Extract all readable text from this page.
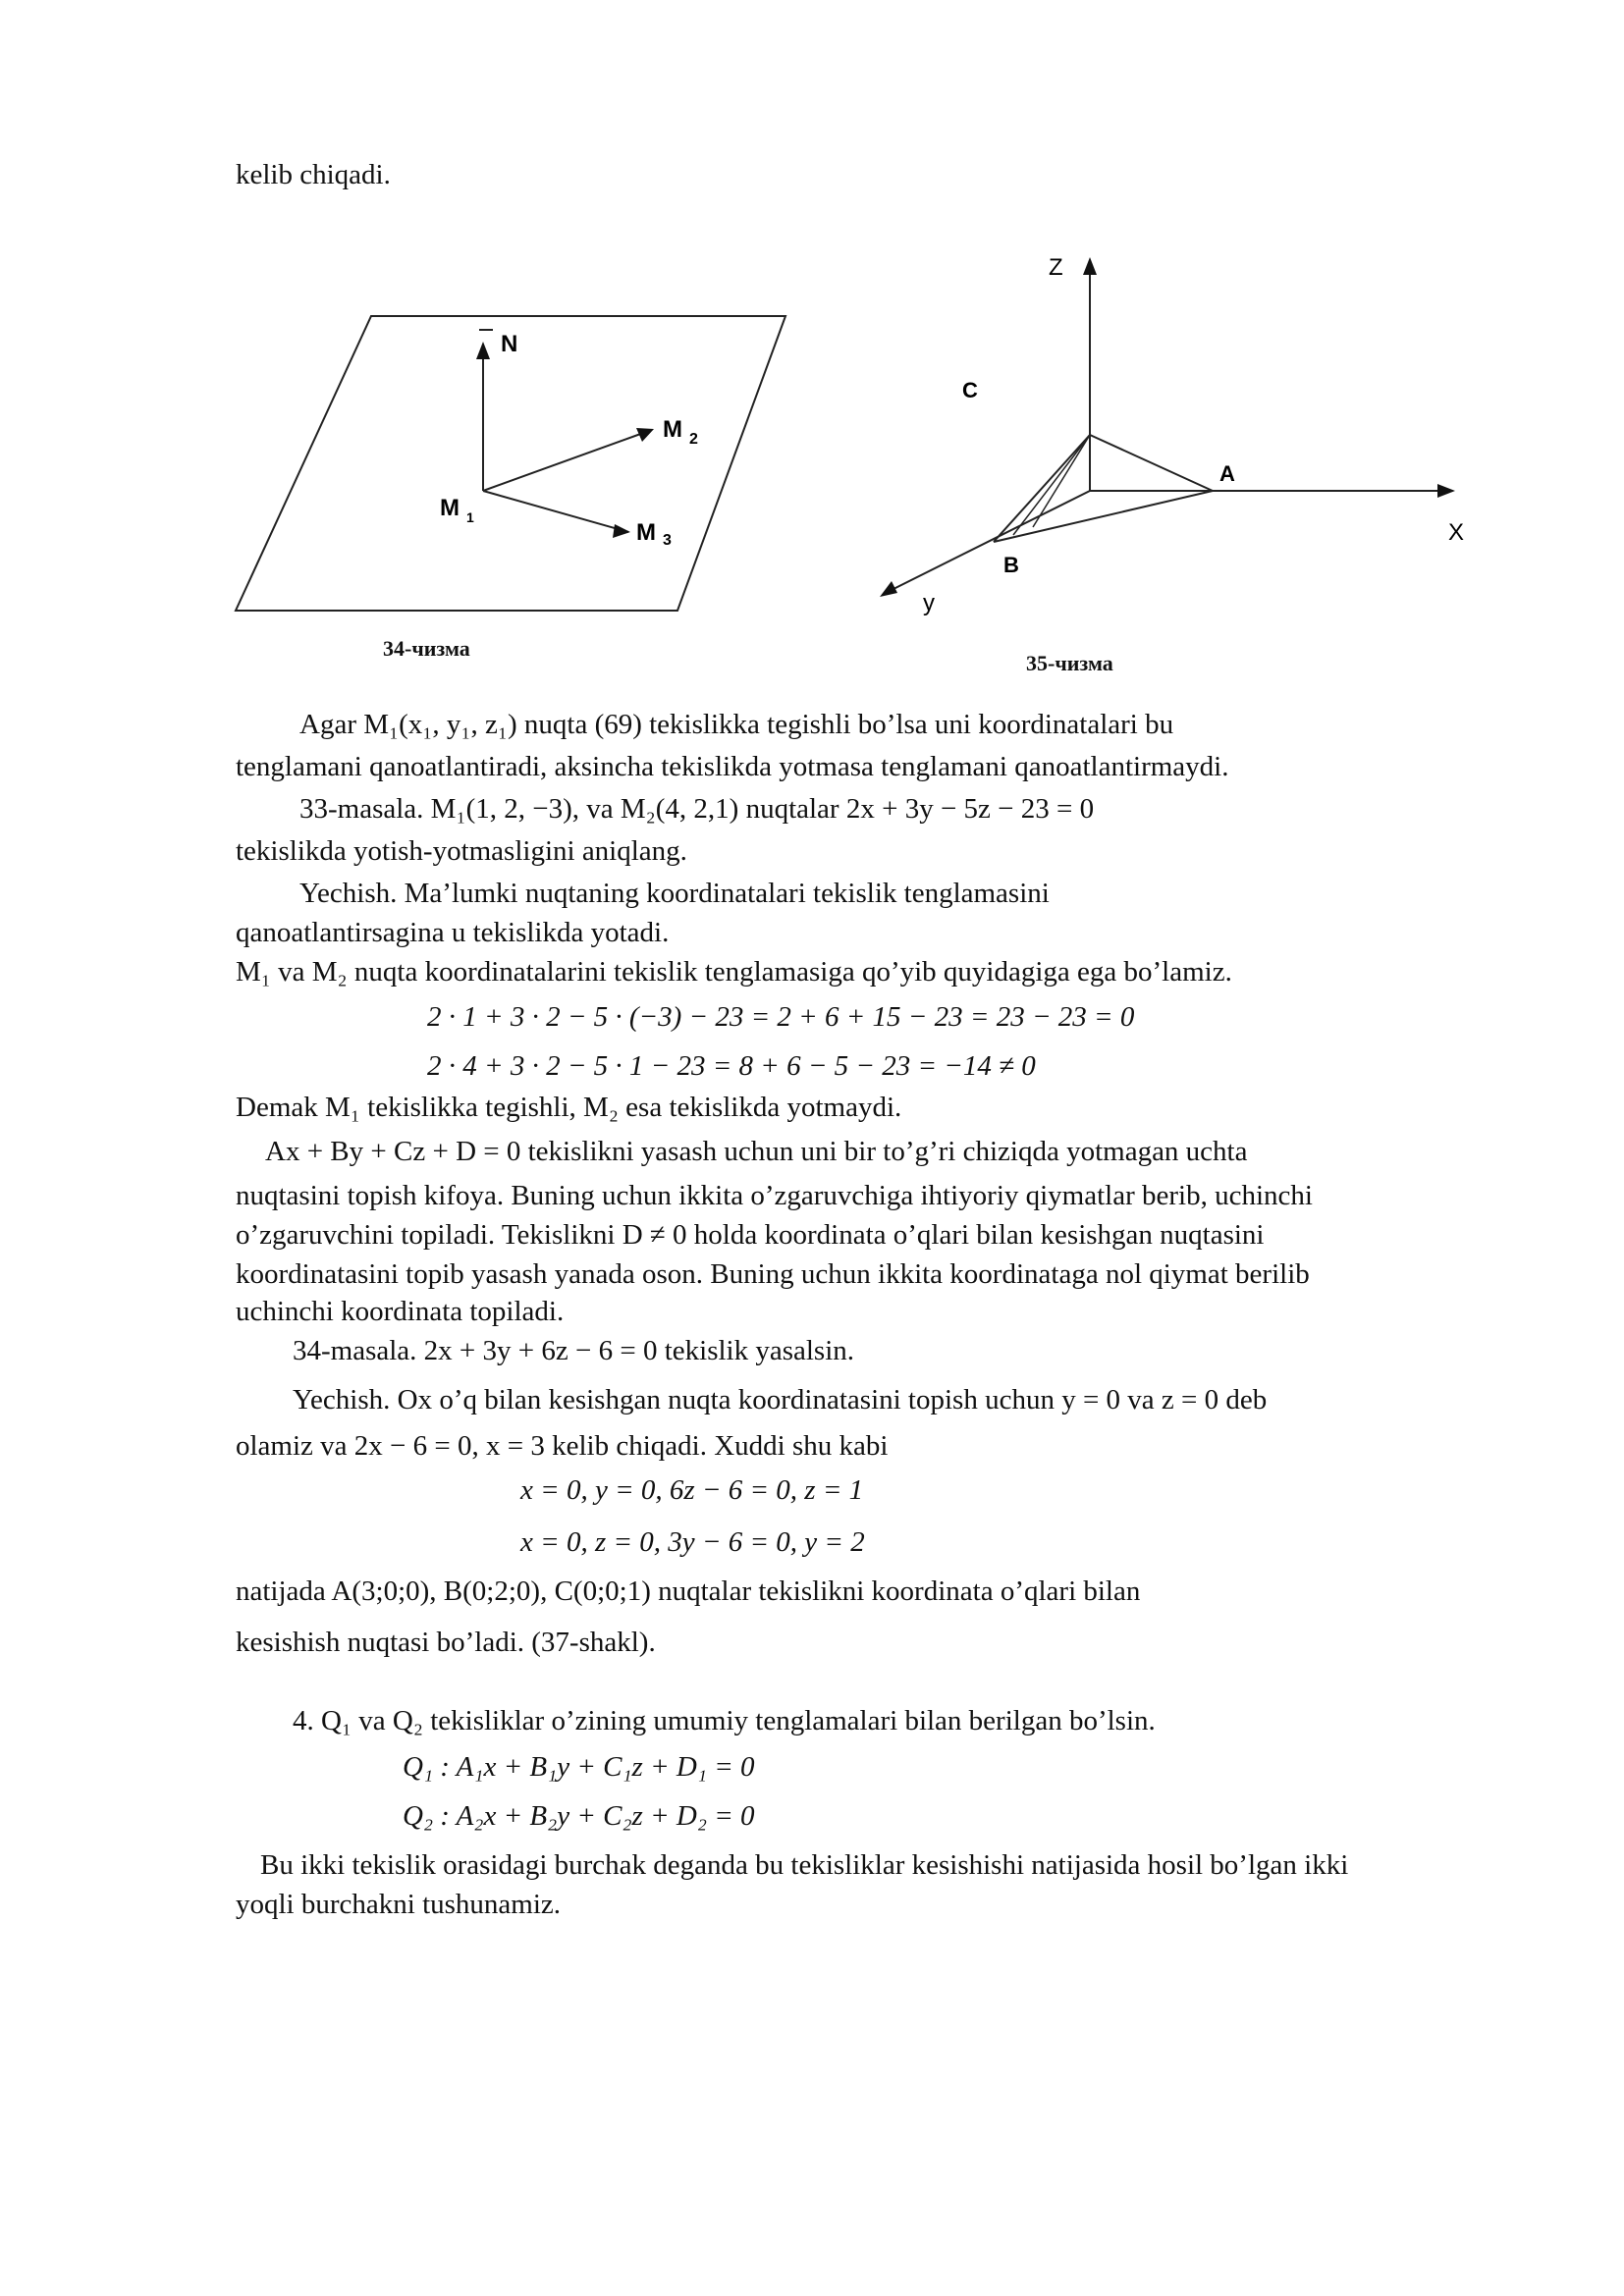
kelib chiqadi.
N
M 2
M 3
M 1
34-чизма
Z
X
y
C
A
B
35-чизма
Agar M₁(x₁, y₁, z₁) nuqta (69) tekislikka tegishli bo’lsa uni koordinatalari bu
tenglamani qanoatlantiradi, aksincha tekislikda yotmasa tenglamani qanoatlantirmaydi.
33-masala. M₁(1, 2, −3), va M₂(4, 2,1) nuqtalar 2x + 3y − 5z − 23 = 0
tekislikda yotish-yotmasligini aniqlang.
Yechish. Ma’lumki nuqtaning koordinatalari tekislik tenglamasini
qanoatlantirsagina u tekislikda yotadi.
M₁ va M₂ nuqta koordinatalarini tekislik tenglamasiga qo’yib quyidagiga ega bo’lamiz.
2 · 1 + 3 · 2 − 5 · (−3) − 23 = 2 + 6 + 15 − 23 = 23 − 23 = 0
2 · 4 + 3 · 2 − 5 · 1 − 23 = 8 + 6 − 5 − 23 = −14 ≠ 0
Demak M₁ tekislikka tegishli, M₂ esa tekislikda yotmaydi.
Ax + By + Cz + D = 0 tekislikni yasash uchun uni bir to’g’ri chiziqda yotmagan uchta
nuqtasini topish kifoya. Buning uchun ikkita o’zgaruvchiga ihtiyoriy qiymatlar berib, uchinchi
o’zgaruvchini topiladi. Tekislikni D ≠ 0 holda koordinata o’qlari bilan kesishgan nuqtasini
koordinatasini topib yasash yanada oson. Buning uchun ikkita koordinataga nol qiymat berilib
uchinchi koordinata topiladi.
34-masala. 2x + 3y + 6z − 6 = 0 tekislik yasalsin.
Yechish. Ox o’q bilan kesishgan nuqta koordinatasini topish uchun y = 0 va z = 0 deb
olamiz va 2x − 6 = 0, x = 3 kelib chiqadi. Xuddi shu kabi
x = 0, y = 0, 6z − 6 = 0, z = 1
x = 0, z = 0, 3y − 6 = 0, y = 2
natijada A(3;0;0), B(0;2;0), C(0;0;1) nuqtalar tekislikni koordinata o’qlari bilan
kesishish nuqtasi bo’ladi. (37-shakl).
4. Q₁ va Q₂ tekisliklar o’zining umumiy tenglamalari bilan berilgan bo’lsin.
Q₁ : A₁x + B₁y + C₁z + D₁ = 0
Q₂ : A₂x + B₂y + C₂z + D₂ = 0
Bu ikki tekislik orasidagi burchak deganda bu tekisliklar kesishishi natijasida hosil bo’lgan ikki
yoqli burchakni tushunamiz.
